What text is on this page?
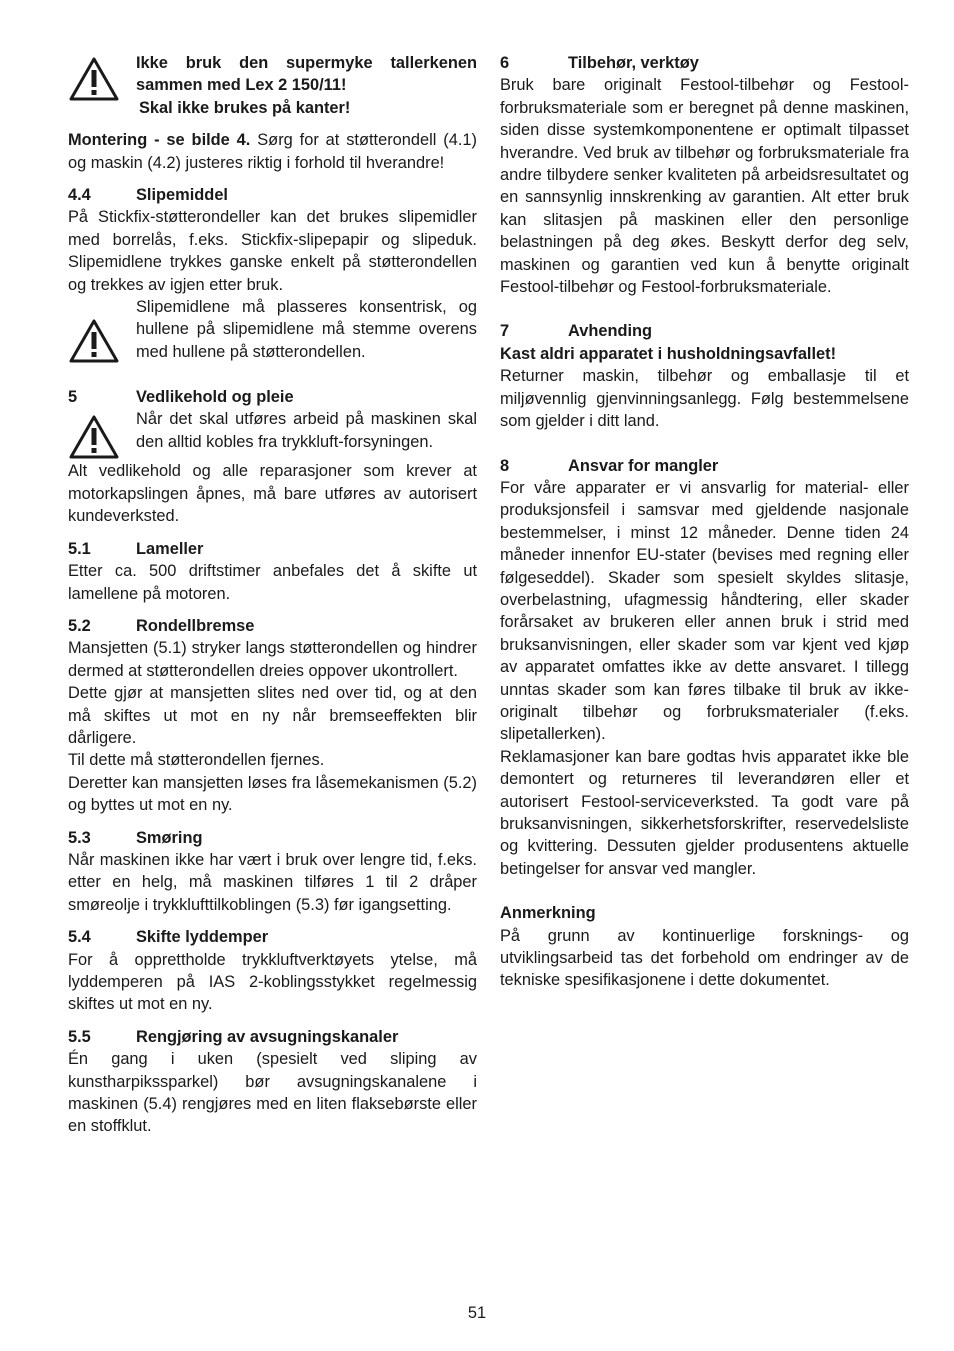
Ikke bruk den supermyke tallerkenen sammen med Lex 2 150/11!

Skal ikke brukes på kanter!

Montering - se bilde 4. Sørg for at støtterondell (4.1) og maskin (4.2) justeres riktig i forhold til hverandre!

4.4	Slipemiddel

På Stickfix-støtterondeller kan det brukes slipemidler med borrelås, f.eks. Stickfix-slipepapir og slipeduk. Slipemidlene trykkes ganske enkelt på støtterondellen og trekkes av igjen etter bruk.

Slipemidlene må plasseres konsentrisk, og hullene på slipemidlene må stemme overens med hullene på støtterondellen.

5	Vedlikehold og pleie

Når det skal utføres arbeid på maskinen skal den alltid kobles fra trykkluft-forsyningen.

Alt vedlikehold og alle reparasjoner som krever at motorkapslingen åpnes, må bare utføres av autorisert kundeverksted.

5.1	Lameller

Etter ca. 500 driftstimer anbefales det å skifte ut lamellene på motoren.

5.2	Rondellbremse

Mansjetten (5.1) stryker langs støtterondellen og hindrer dermed at støtterondellen dreies oppover ukontrollert.

Dette gjør at mansjetten slites ned over tid, og at den må skiftes ut mot en ny når bremseeffekten blir dårligere.

Til dette må støtterondellen fjernes.

Deretter kan mansjetten løses fra låsemekanismen (5.2) og byttes ut mot en ny.

5.3	Smøring

Når maskinen ikke har vært i bruk over lengre tid, f.eks. etter en helg, må maskinen tilføres 1 til 2 dråper smøreolje i trykklufttilkoblingen (5.3) før igangsetting.

5.4	Skifte lyddemper

For å opprettholde trykkluftverktøyets ytelse, må lyddemperen på IAS 2-koblingsstykket regelmessig skiftes ut mot en ny.

5.5	Rengjøring av avsugningskanaler

Én gang i uken (spesielt ved sliping av kunstharpikssparkel) bør avsugningskanalene i maskinen (5.4) rengjøres med en liten flaksebørste eller en stoffklut.

6	Tilbehør, verktøy

Bruk bare originalt Festool-tilbehør og Festool-forbruksmateriale som er beregnet på denne maskinen, siden disse systemkomponentene er optimalt tilpasset hverandre. Ved bruk av tilbehør og forbruksmateriale fra andre tilbydere senker kvaliteten på arbeidsresultatet og en sannsynlig innskrenking av garantien. Alt etter bruk kan slitasjen på maskinen eller den personlige belastningen på deg økes. Beskytt derfor deg selv, maskinen og garantien ved kun å benytte originalt Festool-tilbehør og Festool-forbruksmateriale.

7	Avhending

Kast aldri apparatet i husholdningsavfallet!

Returner maskin, tilbehør og emballasje til et miljøvennlig gjenvinningsanlegg. Følg bestemmelsene som gjelder i ditt land.

8	Ansvar for mangler

For våre apparater er vi ansvarlig for material- eller produksjonsfeil i samsvar med gjeldende nasjonale bestemmelser, i minst 12 måneder. Denne tiden 24 måneder innenfor EU-stater (bevises med regning eller følgeseddel). Skader som spesielt skyldes slitasje, overbelastning, ufagmessig håndtering, eller skader forårsaket av brukeren eller annen bruk i strid med bruksanvisningen, eller skader som var kjent ved kjøp av apparatet omfattes ikke av dette ansvaret. I tillegg unntas skader som kan føres tilbake til bruk av ikke-originalt tilbehør og forbruksmaterialer (f.eks. slipetallerken).

Reklamasjoner kan bare godtas hvis apparatet ikke ble demontert og returneres til leverandøren eller et autorisert Festool-serviceverksted. Ta godt vare på bruksanvisningen, sikkerhetsforskrifter, reservedelsliste og kvittering. Dessuten gjelder produsentens aktuelle betingelser for ansvar ved mangler.

Anmerkning

På grunn av kontinuerlige forsknings- og utviklingsarbeid tas det forbehold om endringer av de tekniske spesifikasjonene i dette dokumentet.

51
